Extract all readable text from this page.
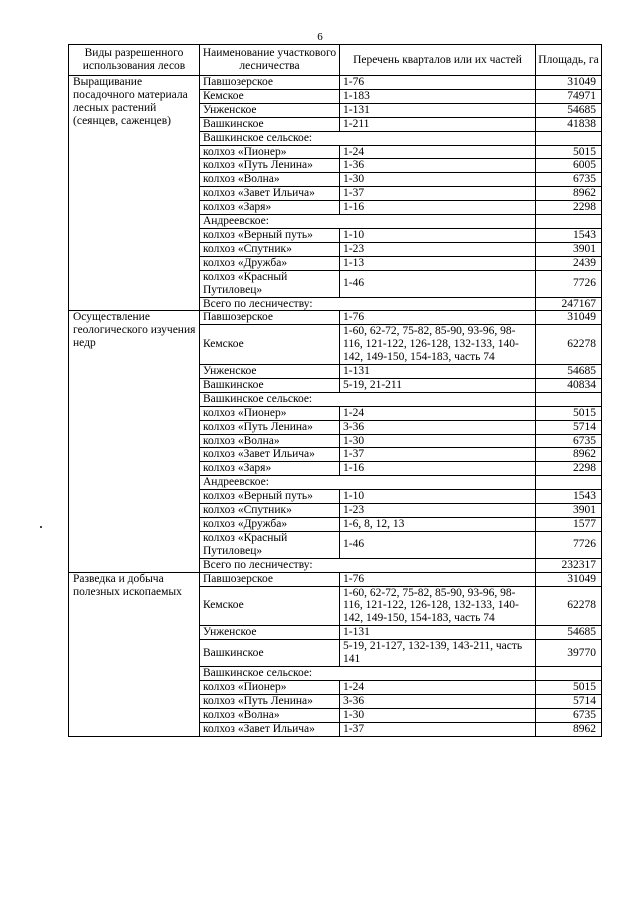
6
Виды разрешенного использования лесов	Наименование участкового лесничества	Перечень кварталов или их частей	Площадь, га
Выращивание посадочного материала лесных растений (сеянцев, саженцев)	Павшозерское	1-76	31049
	Кемское	1-183	74971
	Унженское	1-131	54685
	Вашкинское	1-211	41838
	Вашкинское сельское:		
	колхоз «Пионер»	1-24	5015
	колхоз «Путь Ленина»	1-36	6005
	колхоз «Волна»	1-30	6735
	колхоз «Завет Ильича»	1-37	8962
	колхоз «Заря»	1-16	2298
	Андреевское:		
	колхоз «Верный путь»	1-10	1543
	колхоз «Спутник»	1-23	3901
	колхоз «Дружба»	1-13	2439
	колхоз «Красный Путиловец»	1-46	7726
	Всего по лесничеству:		247167
Осуществление геологического изучения недр	Павшозерское	1-76	31049
	Кемское	1-60, 62-72, 75-82, 85-90, 93-96, 98-116, 121-122, 126-128, 132-133, 140-142, 149-150, 154-183, часть 74	62278
	Унженское	1-131	54685
	Вашкинское	5-19, 21-211	40834
	Вашкинское сельское:		
	колхоз «Пионер»	1-24	5015
	колхоз «Путь Ленина»	3-36	5714
	колхоз «Волна»	1-30	6735
	колхоз «Завет Ильича»	1-37	8962
	колхоз «Заря»	1-16	2298
	Андреевское:		
	колхоз «Верный путь»	1-10	1543
	колхоз «Спутник»	1-23	3901
	колхоз «Дружба»	1-6, 8, 12, 13	1577
	колхоз «Красный Путиловец»	1-46	7726
	Всего по лесничеству:		232317
Разведка и добыча полезных ископаемых	Павшозерское	1-76	31049
	Кемское	1-60, 62-72, 75-82, 85-90, 93-96, 98-116, 121-122, 126-128, 132-133, 140-142, 149-150, 154-183, часть 74	62278
	Унженское	1-131	54685
	Вашкинское	5-19, 21-127, 132-139, 143-211, часть 141	39770
	Вашкинское сельское:		
	колхоз «Пионер»	1-24	5015
	колхоз «Путь Ленина»	3-36	5714
	колхоз «Волна»	1-30	6735
	колхоз «Завет Ильича»	1-37	8962
